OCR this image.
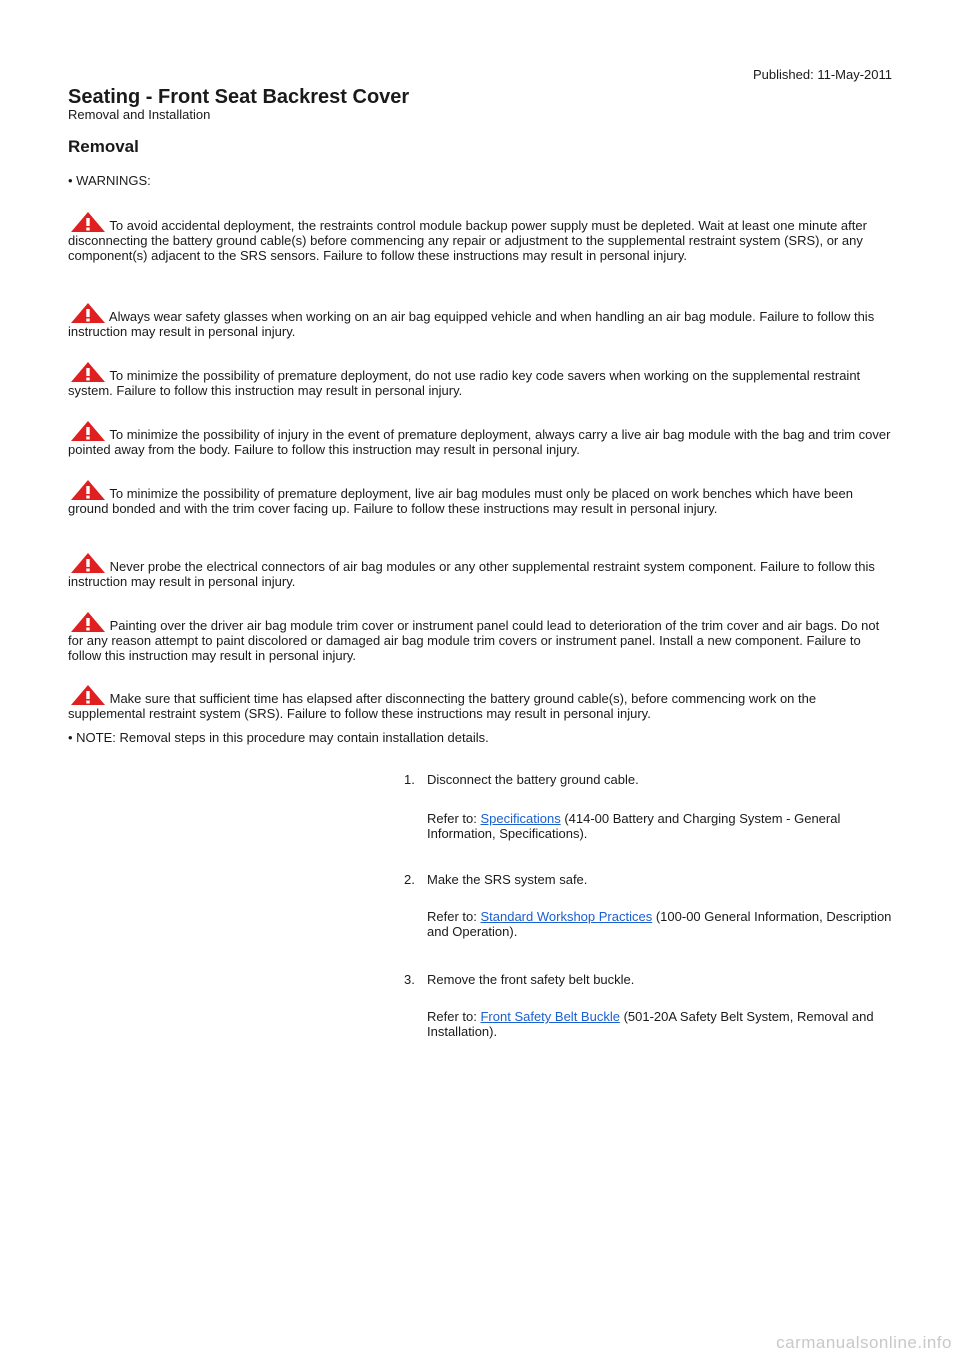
Published: 11-May-2011
Seating - Front Seat Backrest Cover
Removal and Installation
Removal
• WARNINGS:
To avoid accidental deployment, the restraints control module backup power supply must be depleted. Wait at least one minute after disconnecting the battery ground cable(s) before commencing any repair or adjustment to the supplemental restraint system (SRS), or any component(s) adjacent to the SRS sensors. Failure to follow these instructions may result in personal injury.
Always wear safety glasses when working on an air bag equipped vehicle and when handling an air bag module. Failure to follow this instruction may result in personal injury.
To minimize the possibility of premature deployment, do not use radio key code savers when working on the supplemental restraint system. Failure to follow this instruction may result in personal injury.
To minimize the possibility of injury in the event of premature deployment, always carry a live air bag module with the bag and trim cover pointed away from the body. Failure to follow this instruction may result in personal injury.
To minimize the possibility of premature deployment, live air bag modules must only be placed on work benches which have been ground bonded and with the trim cover facing up. Failure to follow these instructions may result in personal injury.
Never probe the electrical connectors of air bag modules or any other supplemental restraint system component. Failure to follow this instruction may result in personal injury.
Painting over the driver air bag module trim cover or instrument panel could lead to deterioration of the trim cover and air bags. Do not for any reason attempt to paint discolored or damaged air bag module trim covers or instrument panel. Install a new component. Failure to follow this instruction may result in personal injury.
Make sure that sufficient time has elapsed after disconnecting the battery ground cable(s), before commencing work on the supplemental restraint system (SRS). Failure to follow these instructions may result in personal injury.
• NOTE: Removal steps in this procedure may contain installation details.
1. Disconnect the battery ground cable.
Refer to: Specifications (414-00 Battery and Charging System - General Information, Specifications).
2. Make the SRS system safe.
Refer to: Standard Workshop Practices (100-00 General Information, Description and Operation).
3. Remove the front safety belt buckle.
Refer to: Front Safety Belt Buckle (501-20A Safety Belt System, Removal and Installation).
carmanualsonline.info
